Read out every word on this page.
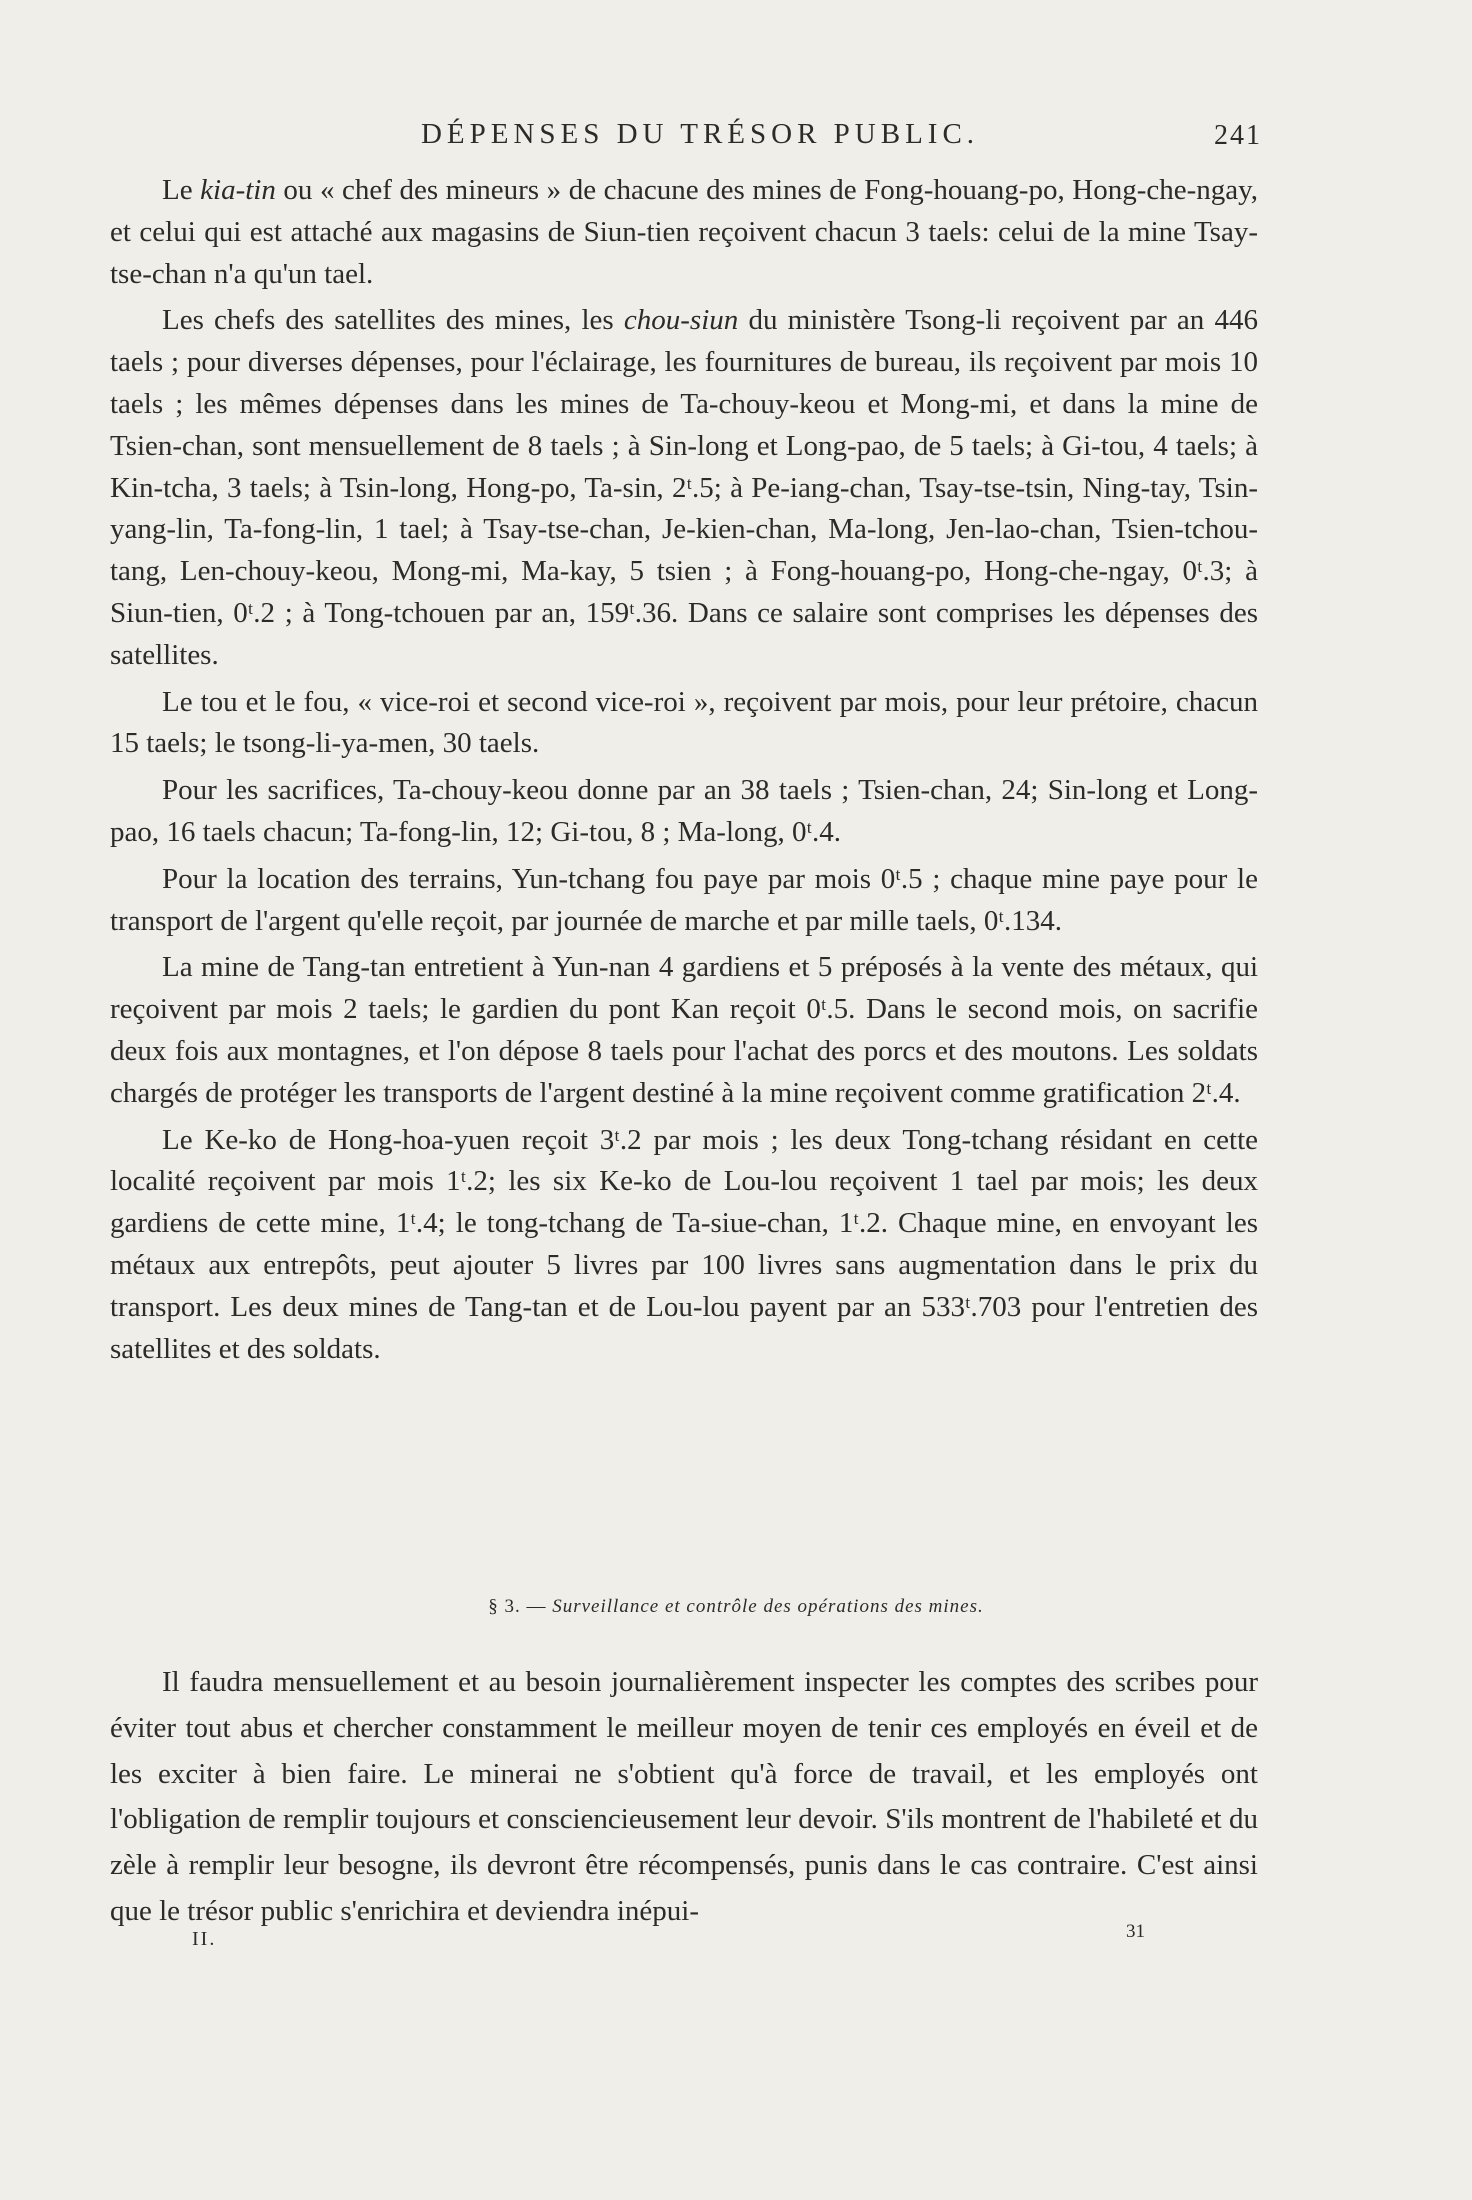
DÉPENSES DU TRÉSOR PUBLIC.	241

Le kia-tin ou « chef des mineurs » de chacune des mines de Fong-houang-po, Hong-che-ngay, et celui qui est attaché aux magasins de Siun-tien reçoivent chacun 3 taels: celui de la mine Tsay-tse-chan n'a qu'un tael.

Les chefs des satellites des mines, les chou-siun du ministère Tsong-li reçoivent par an 446 taels ; pour diverses dépenses, pour l'éclairage, les fournitures de bureau, ils reçoivent par mois 10 taels ; les mêmes dépenses dans les mines de Ta-chouy-keou et Mong-mi, et dans la mine de Tsien-chan, sont mensuellement de 8 taels ; à Sin-long et Long-pao, de 5 taels; à Gi-tou, 4 taels; à Kin-tcha, 3 taels; à Tsin-long, Hong-po, Ta-sin, 2ᵗ.5; à Pe-iang-chan, Tsay-tse-tsin, Ning-tay, Tsin-yang-lin, Ta-fong-lin, 1 tael; à Tsay-tse-chan, Je-kien-chan, Ma-long, Jen-lao-chan, Tsien-tchou-tang, Len-chouy-keou, Mong-mi, Ma-kay, 5 tsien ; à Fong-houang-po, Hong-che-ngay, 0ᵗ.3; à Siun-tien, 0ᵗ.2 ; à Tong-tchouen par an, 159ᵗ.36. Dans ce salaire sont comprises les dépenses des satellites.

Le tou et le fou, « vice-roi et second vice-roi », reçoivent par mois, pour leur prétoire, chacun 15 taels; le tsong-li-ya-men, 30 taels.

Pour les sacrifices, Ta-chouy-keou donne par an 38 taels ; Tsien-chan, 24; Sin-long et Long-pao, 16 taels chacun; Ta-fong-lin, 12; Gi-tou, 8 ; Ma-long, 0ᵗ.4.

Pour la location des terrains, Yun-tchang fou paye par mois 0ᵗ.5 ; chaque mine paye pour le transport de l'argent qu'elle reçoit, par journée de marche et par mille taels, 0ᵗ.134.

La mine de Tang-tan entretient à Yun-nan 4 gardiens et 5 préposés à la vente des métaux, qui reçoivent par mois 2 taels; le gardien du pont Kan reçoit 0ᵗ.5. Dans le second mois, on sacrifie deux fois aux montagnes, et l'on dépose 8 taels pour l'achat des porcs et des moutons. Les soldats chargés de protéger les transports de l'argent destiné à la mine reçoivent comme gratification 2ᵗ.4.

Le Ke-ko de Hong-hoa-yuen reçoit 3ᵗ.2 par mois ; les deux Tong-tchang résidant en cette localité reçoivent par mois 1ᵗ.2; les six Ke-ko de Lou-lou reçoivent 1 tael par mois; les deux gardiens de cette mine, 1ᵗ.4; le tong-tchang de Ta-siue-chan, 1ᵗ.2. Chaque mine, en envoyant les métaux aux entrepôts, peut ajouter 5 livres par 100 livres sans augmentation dans le prix du transport. Les deux mines de Tang-tan et de Lou-lou payent par an 533ᵗ.703 pour l'entretien des satellites et des soldats.

§ 3. — Surveillance et contrôle des opérations des mines.

Il faudra mensuellement et au besoin journalièrement inspecter les comptes des scribes pour éviter tout abus et chercher constamment le meilleur moyen de tenir ces employés en éveil et de les exciter à bien faire. Le minerai ne s'obtient qu'à force de travail, et les employés ont l'obligation de remplir toujours et consciencieusement leur devoir. S'ils montrent de l'habileté et du zèle à remplir leur besogne, ils devront être récompensés, punis dans le cas contraire. C'est ainsi que le trésor public s'enrichira et deviendra inépui-

II.	31
